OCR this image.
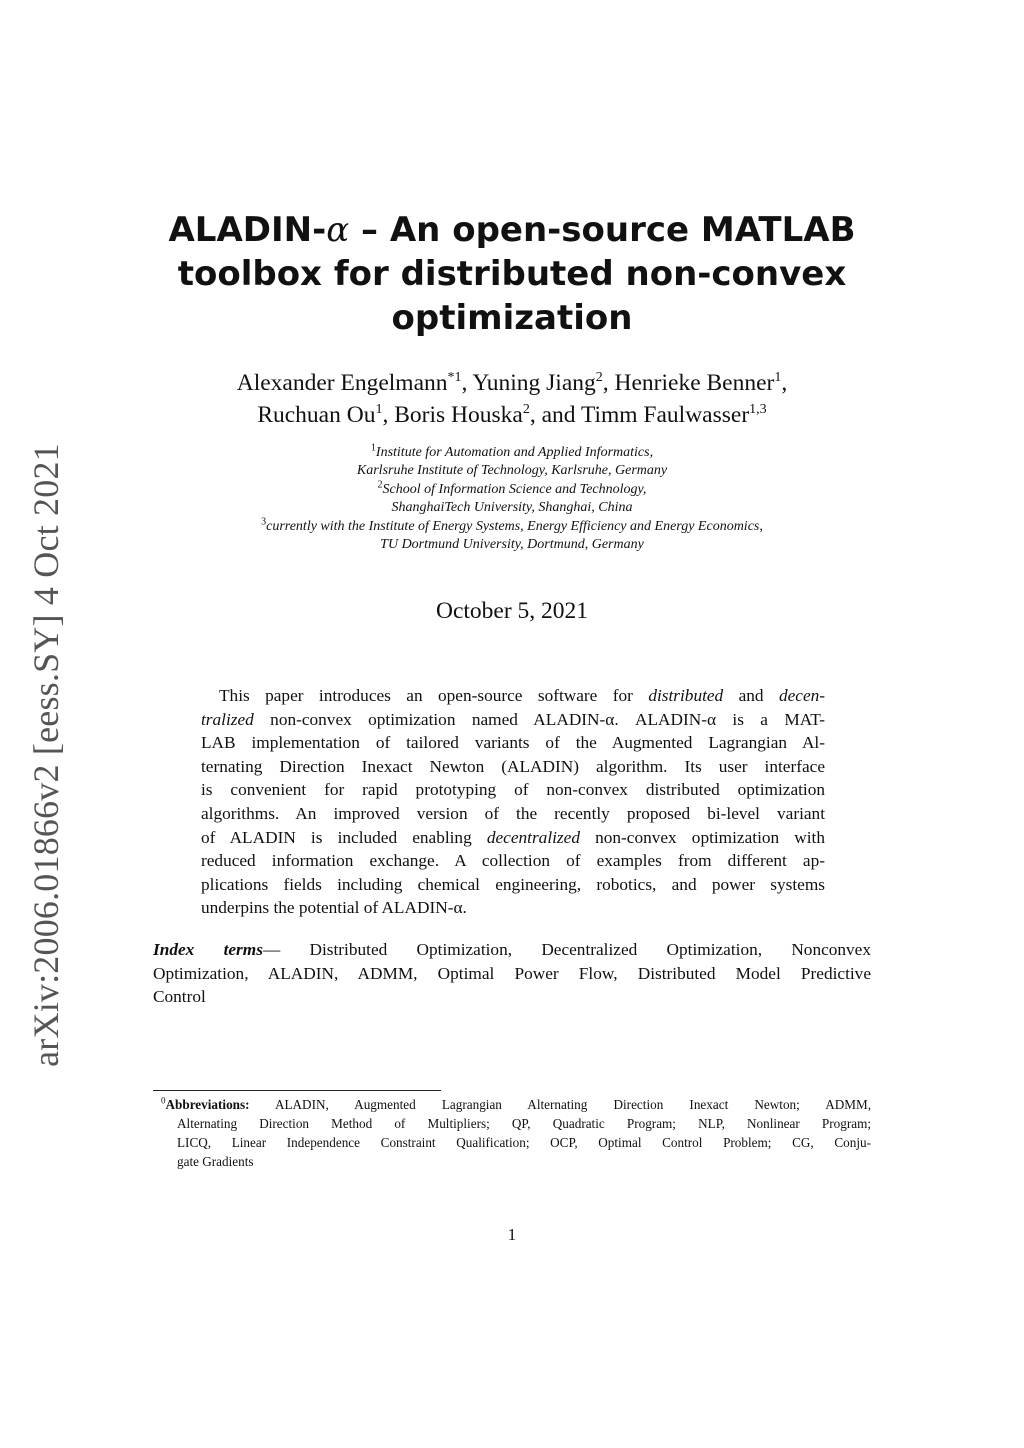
arXiv:2006.01866v2 [eess.SY] 4 Oct 2021
ALADIN-α – An open-source MATLAB
toolbox for distributed non-convex
optimization
Alexander Engelmann$^{*1}$, Yuning Jiang$^2$, Henrieke Benner$^1$,
Ruchuan Ou$^1$, Boris Houska$^2$, and Timm Faulwasser$^{1,3}$
$^1$Institute for Automation and Applied Informatics,
Karlsruhe Institute of Technology, Karlsruhe, Germany
$^2$School of Information Science and Technology,
ShanghaiTech University, Shanghai, China
$^3$currently with the Institute of Energy Systems, Energy Efficiency and Energy Economics,
TU Dortmund University, Dortmund, Germany
October 5, 2021
This paper introduces an open-source software for distributed and decen-
tralized non-convex optimization named ALADIN-α. ALADIN-α is a MAT-
LAB implementation of tailored variants of the Augmented Lagrangian Al-
ternating Direction Inexact Newton (ALADIN) algorithm. Its user interface
is convenient for rapid prototyping of non-convex distributed optimization
algorithms. An improved version of the recently proposed bi-level variant
of ALADIN is included enabling decentralized non-convex optimization with
reduced information exchange. A collection of examples from different ap-
plications fields including chemical engineering, robotics, and power systems
underpins the potential of ALADIN-α.
Index terms— Distributed Optimization, Decentralized Optimization, Nonconvex
Optimization, ALADIN, ADMM, Optimal Power Flow, Distributed Model Predictive
Control
$^0$Abbreviations: ALADIN, Augmented Lagrangian Alternating Direction Inexact Newton; ADMM,
Alternating Direction Method of Multipliers; QP, Quadratic Program; NLP, Nonlinear Program;
LICQ, Linear Independence Constraint Qualification; OCP, Optimal Control Problem; CG, Conju-
gate Gradients
1
